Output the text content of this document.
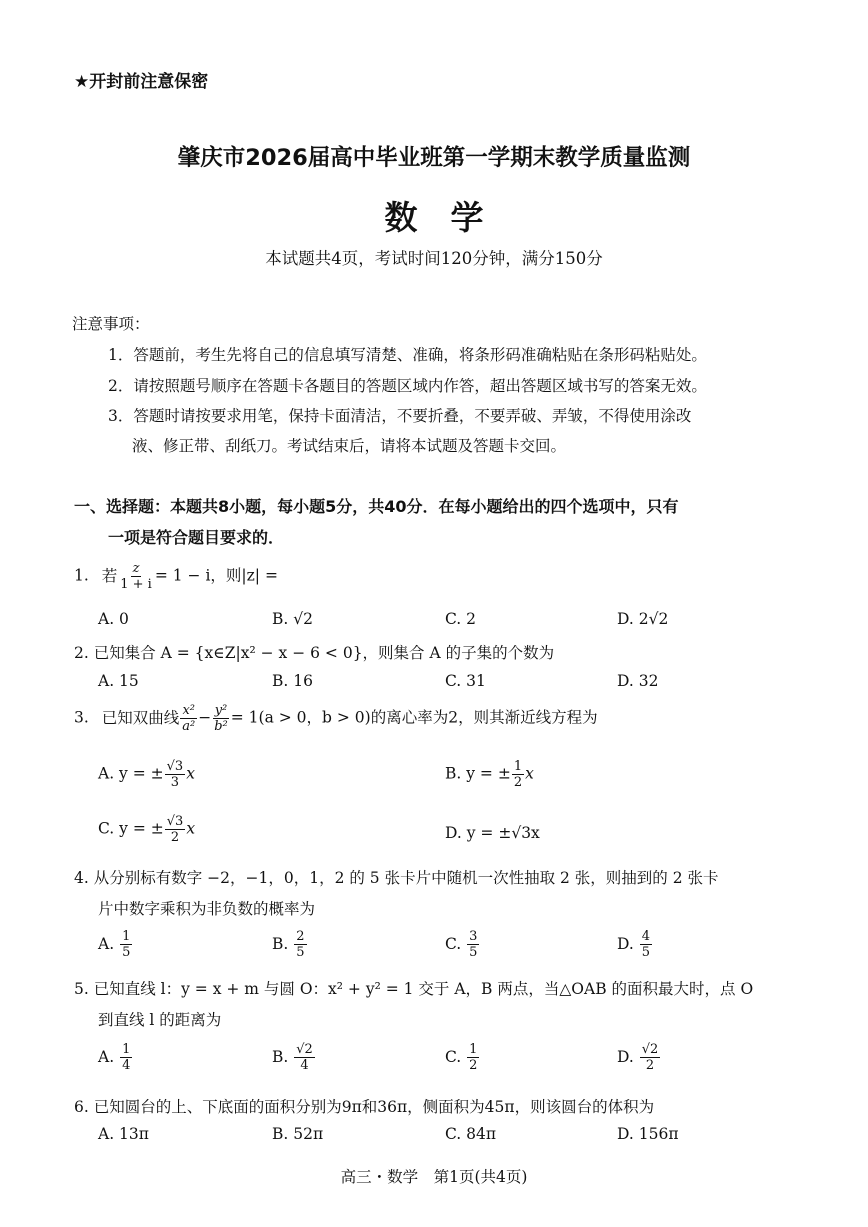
★开封前注意保密
肇庆市2026届高中毕业班第一学期末教学质量监测
数　学
本试题共4页，考试时间120分钟，满分150分
注意事项：
1．答题前，考生先将自己的信息填写清楚、准确，将条形码准确粘贴在条形码粘贴处。
2．请按照题号顺序在答题卡各题目的答题区域内作答，超出答题区域书写的答案无效。
3．答题时请按要求用笔，保持卡面清洁，不要折叠，不要弄破、弄皱，不得使用涂改
液、修正带、刮纸刀。考试结束后，请将本试题及答题卡交回。
一、选择题：本题共8小题，每小题5分，共40分．在每小题给出的四个选项中，只有
一项是符合题目要求的．
1. 若 $\frac{z}{1 + i} = 1 - i$，则|z| =
A. 0	B. √2	C. 2	D. 2√2
2. 已知集合 A = {x∈Z|x² − x − 6 < 0}，则集合 A 的子集的个数为
A. 15	B. 16	C. 31	D. 32
3. 已知双曲线 $\frac{\text{x²}}{\text{a²}} - \frac{\text{y²}}{\text{b²}} = 1(a > 0$，b > 0)的离心率为2，则其渐近线方程为
A. y = ± $\frac{√3}{3}$ x	B. y = ± $\frac{1}{2}$ x
C. y = ± $\frac{√3}{2}$ x	D. y = ±√3x
4. 从分别标有数字 −2，−1，0，1，2 的 5 张卡片中随机一次性抽取 2 张，则抽到的 2 张卡
片中数字乘积为非负数的概率为
A. $\frac{1}{5}$	B. $\frac{2}{5}$	C. $\frac{3}{5}$	D. $\frac{4}{5}$
5. 已知直线 l：y = x + m 与圆 O：x² + y² = 1 交于 A，B 两点，当△OAB 的面积最大时，点 O
到直线 l 的距离为
A. $\frac{1}{4}$	B. $\frac{√2}{4}$	C. $\frac{1}{2}$	D. $\frac{√2}{2}$
6. 已知圆台的上、下底面的面积分别为9π和36π，侧面积为45π，则该圆台的体积为
A. 13π	B. 52π	C. 84π	D. 156π
高三・数学　第1页(共4页)
